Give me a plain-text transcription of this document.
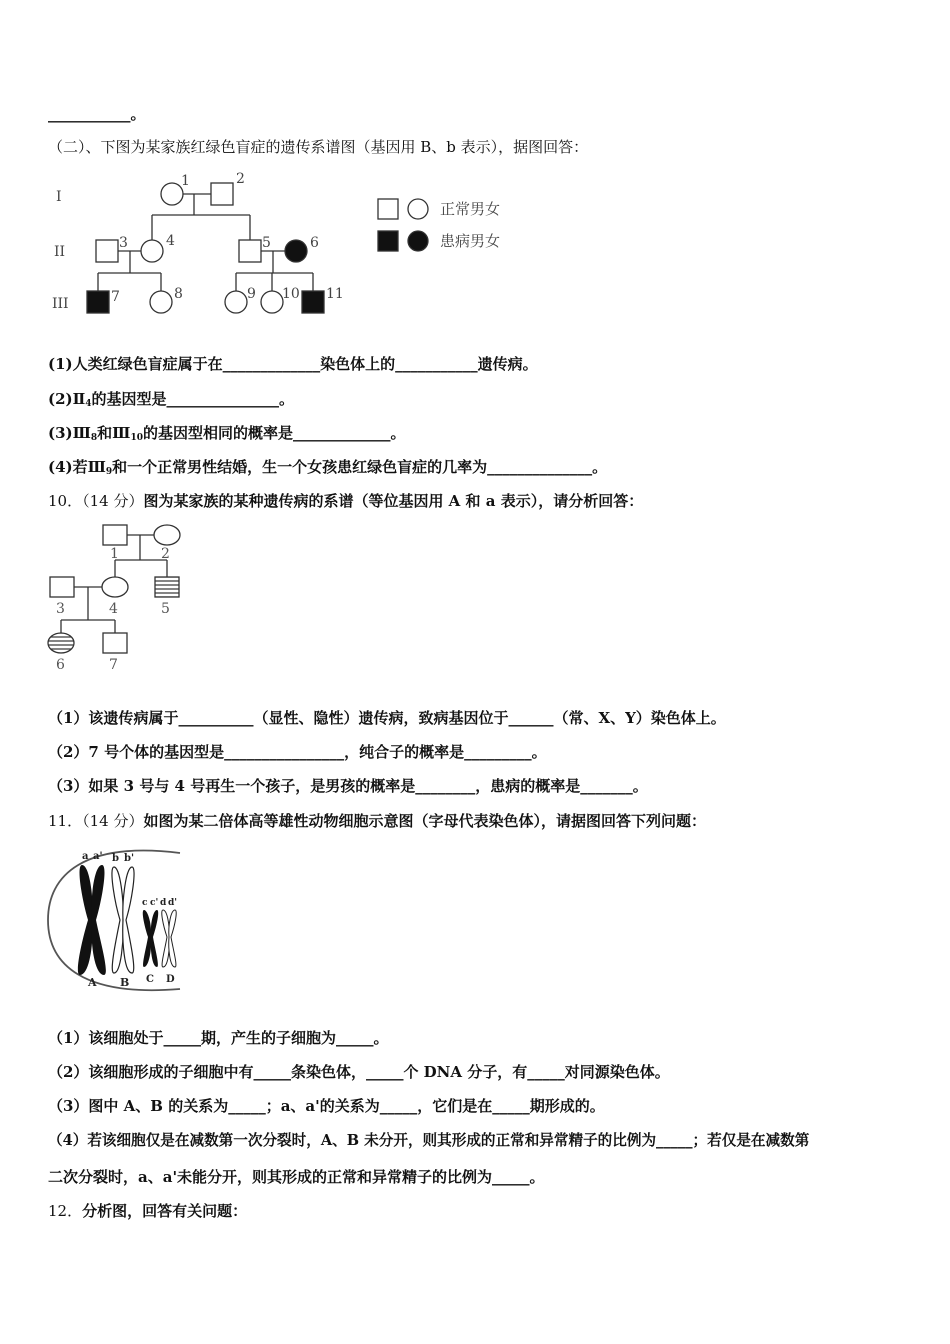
___________。
（二）、下图为某家族红绿色盲症的遗传系谱图（基因用 B、b 表示），据图回答：
I
II
III
1	2
3	4	5	6
7	8	9 10 11
正常男女
患病男女
(1)人类红绿色盲症属于在_____________染色体上的___________遗传病。
$(2)Ⅱ_4$的基因型是_______________。
$(3)Ⅲ_8$和$Ⅲ_{10}$的基因型相同的概率是_____________。
(4)若$Ⅲ_9$和一个正常男性结婚，生一个女孩患红绿色盲症的几率为______________。
10．（14 分）图为某家族的某种遗传病的系谱（等位基因用 A 和 a 表示），请分析回答：
1	2
3	4	5
6	7
（1）该遗传病属于__________（显性、隐性）遗传病，致病基因位于______（常、X、Y）染色体上。
（2）7 号个体的基因型是________________，纯合子的概率是_________。
（3）如果 3 号与 4 号再生一个孩子，是男孩的概率是________，患病的概率是_______。
11．（14 分）如图为某二倍体高等雄性动物细胞示意图（字母代表染色体），请据图回答下列问题：
a a' b b'
c c' d d'
A B C D
（1）该细胞处于_____期，产生的子细胞为_____。
（2）该细胞形成的子细胞中有_____条染色体，_____个 DNA 分子，有_____对同源染色体。
（3）图中 A、B 的关系为_____；a、a'的关系为_____，它们是在_____期形成的。
（4）若该细胞仅是在减数第一次分裂时，A、B 未分开，则其形成的正常和异常精子的比例为_____；若仅是在减数第
二次分裂时，a、a'未能分开，则其形成的正常和异常精子的比例为_____。
12．分析图，回答有关问题：
